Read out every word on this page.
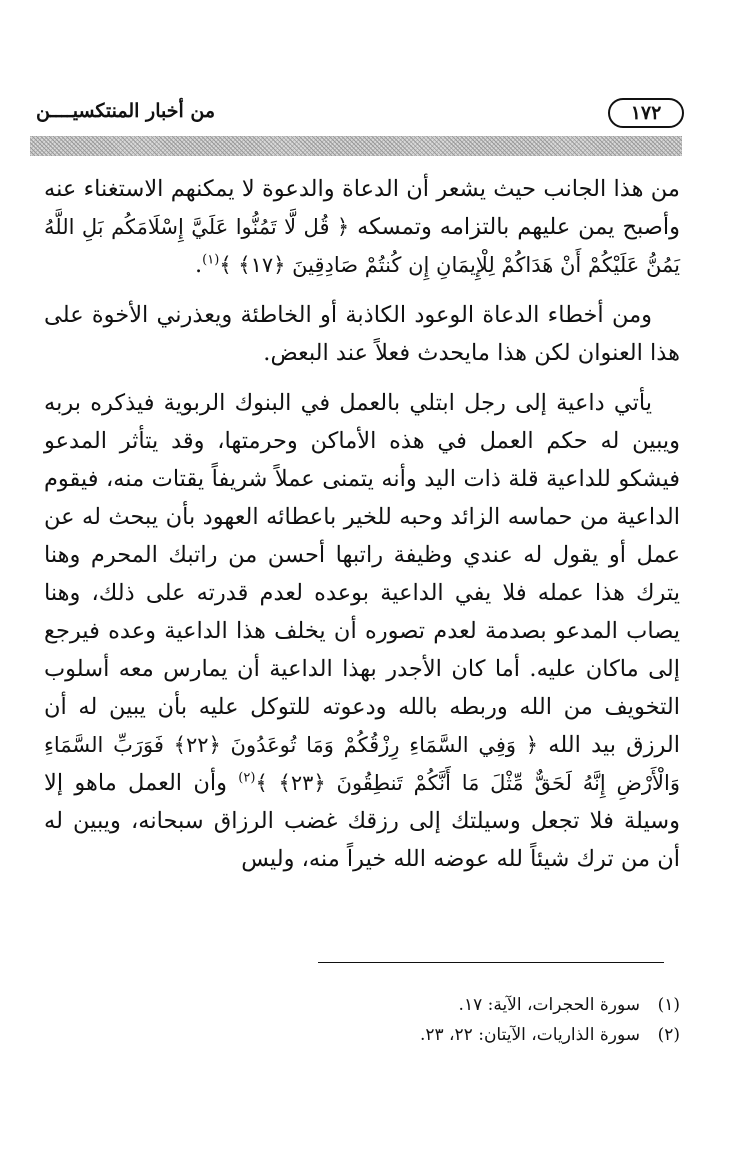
١٧٢
من أخبار المنتكسيــــن

من هذا الجانب حيث يشعر أن الدعاة والدعوة لا يمكنهم الاستغناء عنه وأصبح يمن عليهم بالتزامه وتمسكه ﴿ قُل لَّا تَمُنُّوا عَلَيَّ إِسْلَامَكُم بَلِ اللَّهُ يَمُنُّ عَلَيْكُمْ أَنْ هَدَاكُمْ لِلْإِيمَانِ إِن كُنتُمْ صَادِقِينَ ﴿١٧﴾ ﴾$^{(١)}$.

ومن أخطاء الدعاة الوعود الكاذبة أو الخاطئة ويعذرني الأخوة على هذا العنوان لكن هذا مايحدث فعلاً عند البعض.

يأتي داعية إلى رجل ابتلي بالعمل في البنوك الربوية فيذكره بربه ويبين له حكم العمل في هذه الأماكن وحرمتها، وقد يتأثر المدعو فيشكو للداعية قلة ذات اليد وأنه يتمنى عملاً شريفاً يقتات منه، فيقوم الداعية من حماسه الزائد وحبه للخير باعطائه العهود بأن يبحث له عن عمل أو يقول له عندي وظيفة راتبها أحسن من راتبك المحرم وهنا يترك هذا عمله فلا يفي الداعية بوعده لعدم قدرته على ذلك، وهنا يصاب المدعو بصدمة لعدم تصوره أن يخلف هذا الداعية وعده فيرجع إلى ماكان عليه. أما كان الأجدر بهذا الداعية أن يمارس معه أسلوب التخويف من الله وربطه بالله ودعوته للتوكل عليه بأن يبين له أن الرزق بيد الله ﴿ وَفِي السَّمَاءِ رِزْقُكُمْ وَمَا تُوعَدُونَ ﴿٢٢﴾ فَوَرَبِّ السَّمَاءِ وَالْأَرْضِ إِنَّهُ لَحَقٌّ مِّثْلَ مَا أَنَّكُمْ تَنطِقُونَ ﴿٢٣﴾ ﴾$^{(٢)}$ وأن العمل ماهو إلا وسيلة فلا تجعل وسيلتك إلى رزقك غضب الرزاق سبحانه، ويبين له أن من ترك شيئاً لله عوضه الله خيراً منه، وليس

(١)سورة الحجرات، الآية: ١٧.
(٢)سورة الذاريات، الآيتان: ٢٢، ٢٣.
